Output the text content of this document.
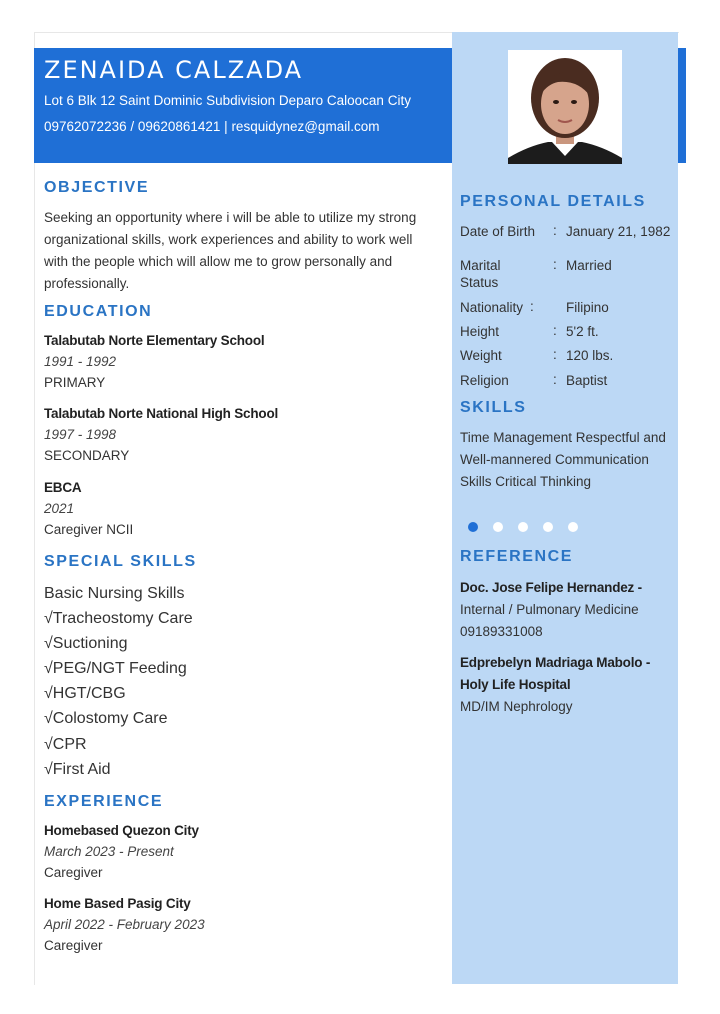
ZENAIDA CALZADA
Lot 6 Blk 12 Saint Dominic Subdivision Deparo Caloocan City
09762072236 / 09620861421 | resquidynez@gmail.com
OBJECTIVE
Seeking an opportunity where i will be able to utilize my strong organizational skills, work experiences and ability to work well with the people which will allow me to grow personally and professionally.
EDUCATION
Talabutab Norte Elementary School
1991 - 1992
PRIMARY
Talabutab Norte National High School
1997 - 1998
SECONDARY
EBCA
2021
Caregiver NCII
SPECIAL SKILLS
Basic Nursing Skills
√Tracheostomy Care
√Suctioning
√PEG/NGT Feeding
√HGT/CBG
√Colostomy Care
√CPR
√First Aid
EXPERIENCE
Homebased Quezon City
March 2023 - Present
Caregiver
Home Based Pasig City
April 2022 - February 2023
Caregiver
PERSONAL DETAILS
Date of Birth	: January 21, 1982
Marital Status
: Married
Nationality : Filipino
Height	: 5'2 ft.
Weight	: 120 lbs.
Religion	: Baptist
SKILLS
Time Management Respectful and Well-mannered Communication Skills Critical Thinking
REFERENCE
Doc. Jose Felipe Hernandez -
Internal / Pulmonary Medicine
09189331008
Edprebelyn Madriaga Mabolo - Holy Life Hospital
MD/IM Nephrology
